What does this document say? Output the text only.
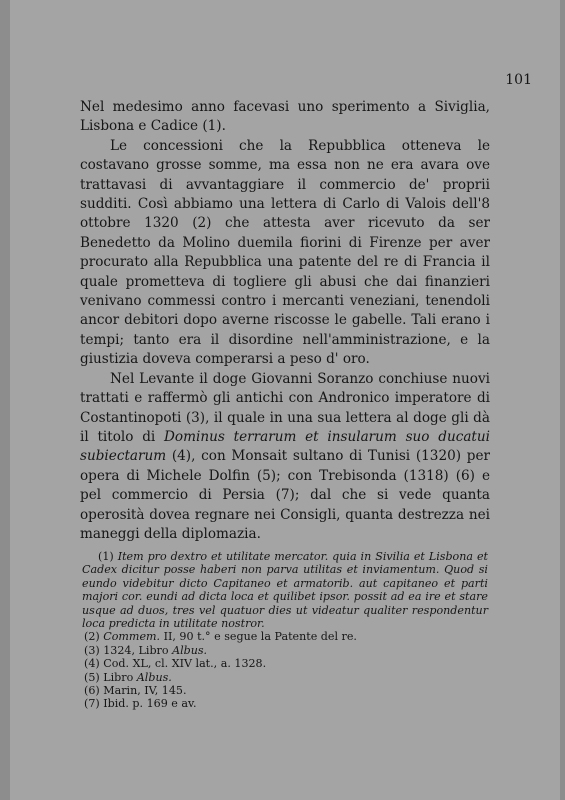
101

Nel medesimo anno facevasi uno sperimento a Siviglia, Lisbona e Cadice (1).

Le concessioni che la Repubblica otteneva le costavano grosse somme, ma essa non ne era avara ove trattavasi di avvantaggiare il commercio de' proprii sudditi. Così abbiamo una lettera di Carlo di Valois dell'8 ottobre 1320 (2) che attesta aver ricevuto da ser Benedetto da Molino duemila fiorini di Firenze per aver procurato alla Repubblica una patente del re di Francia il quale prometteva di togliere gli abusi che dai finanzieri venivano commessi contro i mercanti veneziani, tenendoli ancor debitori dopo averne riscosse le gabelle. Tali erano i tempi; tanto era il disordine nell'amministrazione, e la giustizia doveva comperarsi a peso d' oro.

Nel Levante il doge Giovanni Soranzo conchiuse nuovi trattati e raffermò gli antichi con Andronico imperatore di Costantinopoti (3), il quale in una sua lettera al doge gli dà il titolo di Dominus terrarum et insularum suo ducatui subiectarum (4), con Monsait sultano di Tunisi (1320) per opera di Michele Dolfin (5); con Trebisonda (1318) (6) e pel commercio di Persia (7); dal che si vede quanta operosità dovea regnare nei Consigli, quanta destrezza nei maneggi della diplomazia.

(1) Item pro dextro et utilitate mercator. quia in Sivilia et Lisbona et Cadex dicitur posse haberi non parva utilitas et inviamentum. Quod si eundo videbitur dicto Capitaneo et armatorib. aut capitaneo et parti majori cor. eundi ad dicta loca et quilibet ipsor. possit ad ea ire et stare usque ad duos, tres vel quatuor dies ut videatur qualiter respondentur loca predicta in utilitate nostror.

(2) Commem. II, 90 t.° e segue la Patente del re.

(3) 1324, Libro Albus.

(4) Cod. XL, cl. XIV lat., a. 1328.

(5) Libro Albus.

(6) Marin, IV, 145.

(7) Ibid. p. 169 e av.
